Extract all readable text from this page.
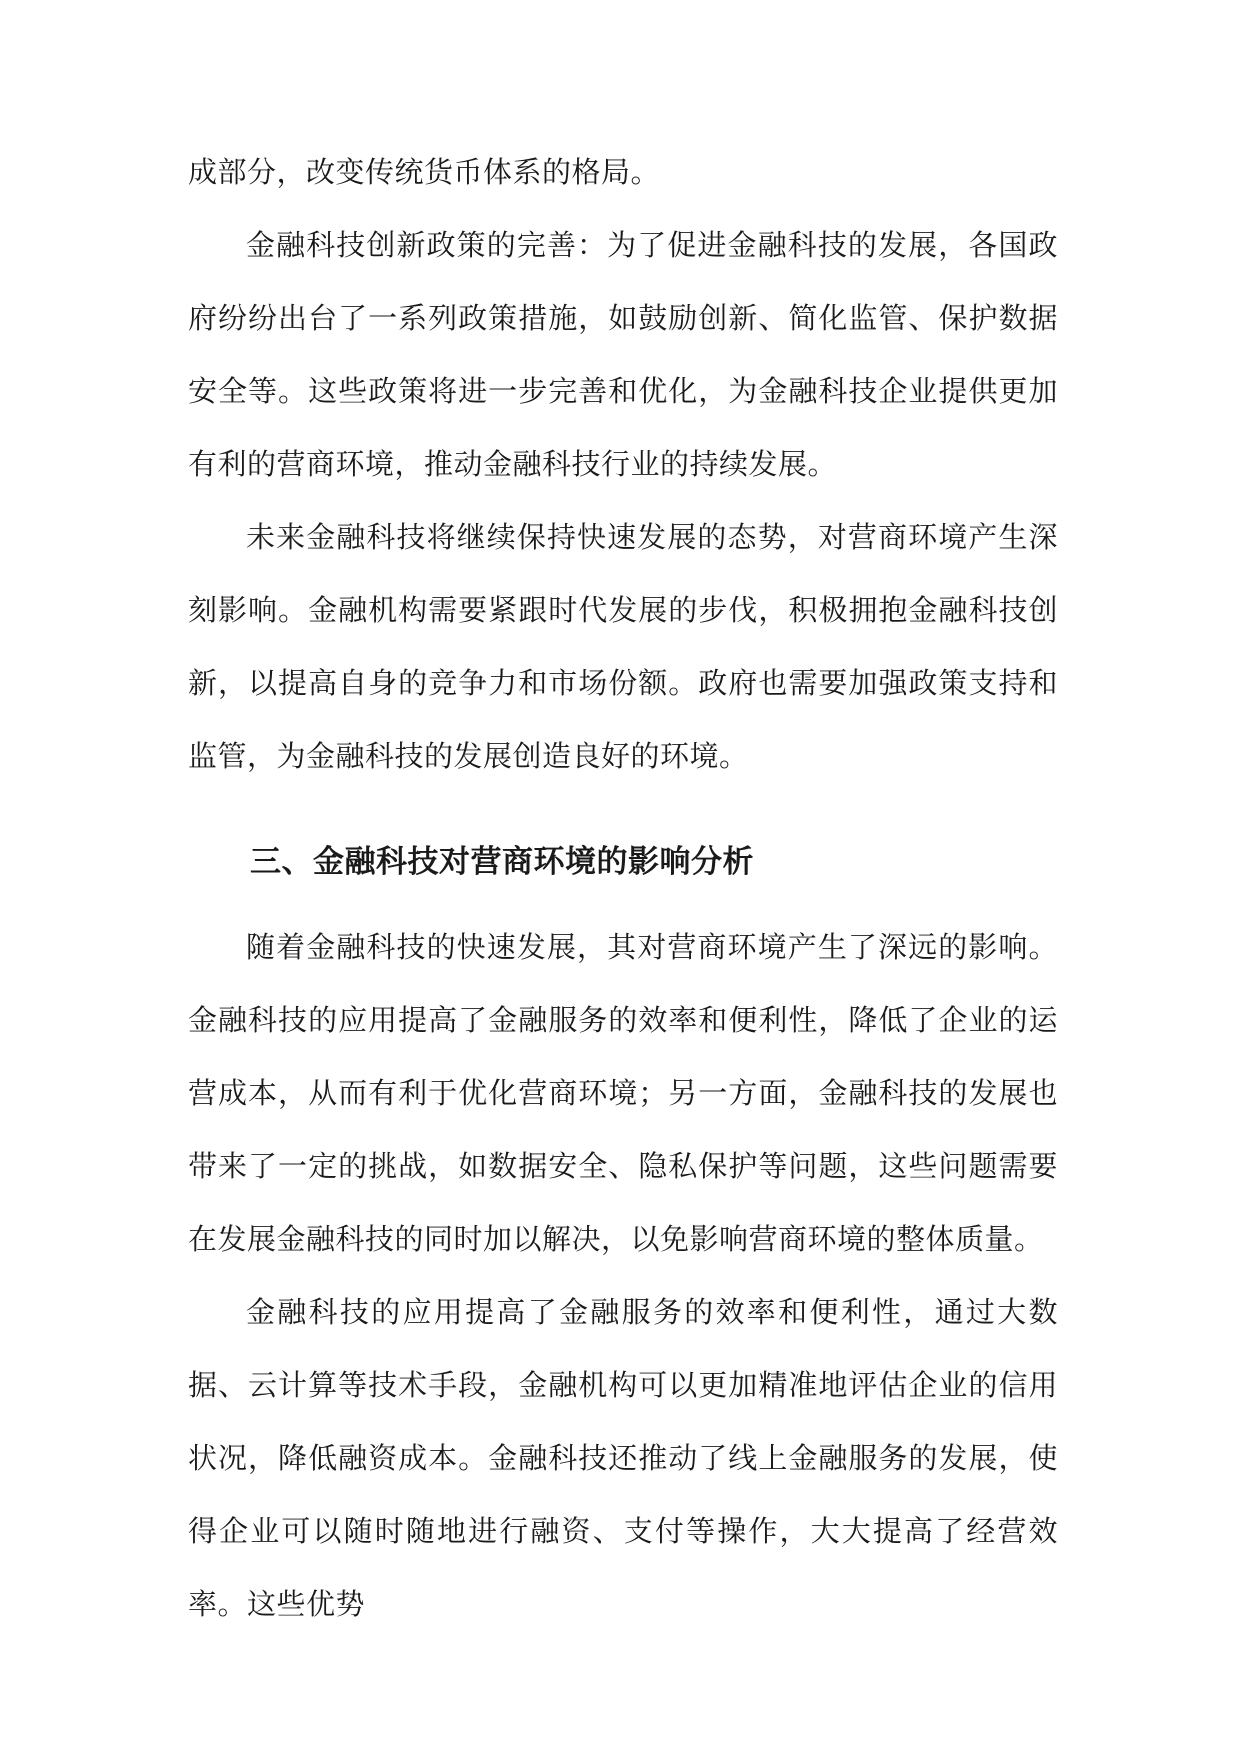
成部分，改变传统货币体系的格局。

金融科技创新政策的完善：为了促进金融科技的发展，各国政府纷纷出台了一系列政策措施，如鼓励创新、简化监管、保护数据安全等。这些政策将进一步完善和优化，为金融科技企业提供更加有利的营商环境，推动金融科技行业的持续发展。

未来金融科技将继续保持快速发展的态势，对营商环境产生深刻影响。金融机构需要紧跟时代发展的步伐，积极拥抱金融科技创新，以提高自身的竞争力和市场份额。政府也需要加强政策支持和监管，为金融科技的发展创造良好的环境。

三、金融科技对营商环境的影响分析

随着金融科技的快速发展，其对营商环境产生了深远的影响。金融科技的应用提高了金融服务的效率和便利性，降低了企业的运营成本，从而有利于优化营商环境；另一方面，金融科技的发展也带来了一定的挑战，如数据安全、隐私保护等问题，这些问题需要在发展金融科技的同时加以解决，以免影响营商环境的整体质量。

金融科技的应用提高了金融服务的效率和便利性，通过大数据、云计算等技术手段，金融机构可以更加精准地评估企业的信用状况，降低融资成本。金融科技还推动了线上金融服务的发展，使得企业可以随时随地进行融资、支付等操作，大大提高了经营效率。这些优势
